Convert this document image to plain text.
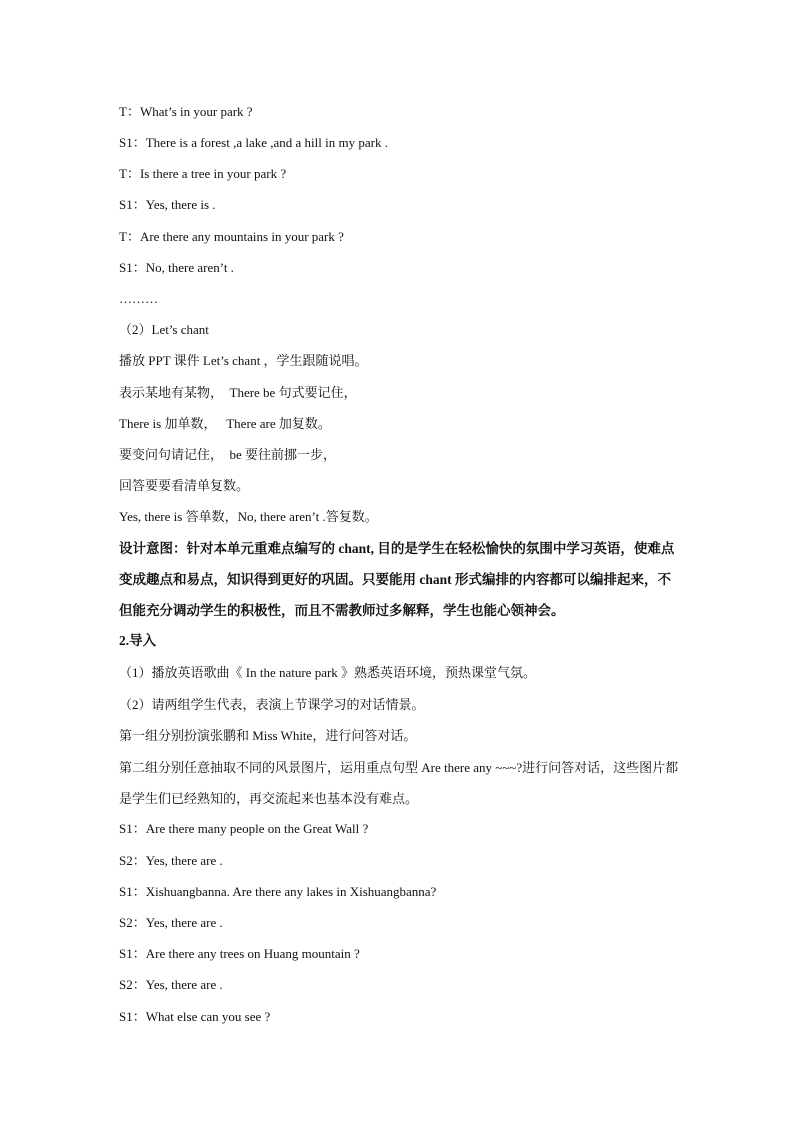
T：What’s in your park ?
S1：There is a forest ,a lake ,and a hill in my park .
T：Is there a tree in your park ?
S1：Yes, there is .
T：Are there any mountains in your park ?
S1：No, there aren’t .
………
（2）Let’s chant
播放 PPT 课件 Let’s chant ，学生跟随说唱。
表示某地有某物，　There be 句式要记住，
There is 加单数，　 There are 加复数。
要变问句请记住，　be 要往前挪一步，
回答要要看清单复数。
Yes, there is 答单数，No, there aren’t .答复数。
设计意图：针对本单元重难点编写的 chant, 目的是学生在轻松愉快的氛围中学习英语，使难点变成趣点和易点，知识得到更好的巩固。只要能用 chant 形式编排的内容都可以编排起来，不但能充分调动学生的积极性，而且不需教师过多解释，学生也能心领神会。
2.导入
（1）播放英语歌曲《 In the nature park 》熟悉英语环境，预热课堂气氛。
（2）请两组学生代表，表演上节课学习的对话情景。
第一组分别扮演张鹏和 Miss White，进行问答对话。
第二组分别任意抽取不同的风景图片，运用重点句型 Are there any ~~~?进行问答对话，这些图片都是学生们已经熟知的，再交流起来也基本没有难点。
S1：Are there many people on the Great Wall ?
S2：Yes, there are .
S1：Xishuangbanna. Are there any lakes in Xishuangbanna?
S2：Yes, there are .
S1：Are there any trees on Huang mountain ?
S2：Yes, there are .
S1：What else can you see ?
